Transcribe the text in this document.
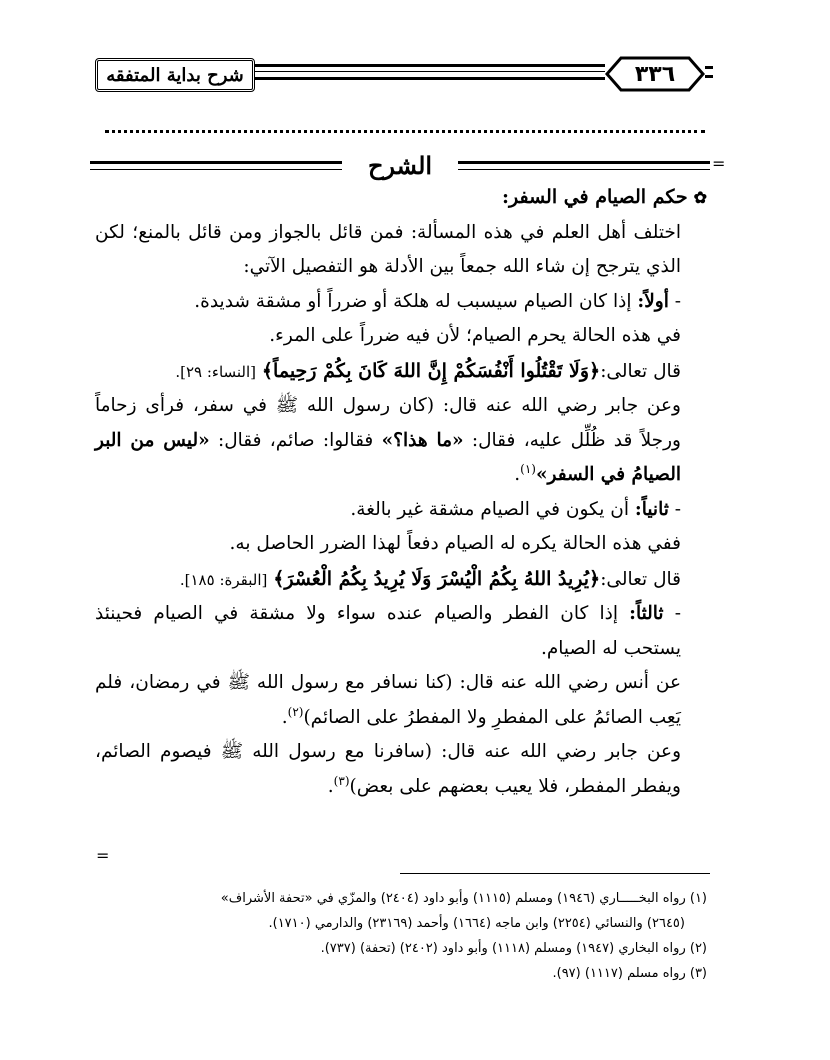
شرح بداية المتفقه	٣٣٦
الشرح	=

✿حكم الصيام في السفر:

اختلف أهل العلم في هذه المسألة: فمن قائل بالجواز ومن قائل بالمنع؛ لكن الذي يترجح إن شاء الله جمعاً بين الأدلة هو التفصيل الآتي:

- أولاً: إذا كان الصيام سيسبب له هلكة أو ضرراً أو مشقة شديدة.

في هذه الحالة يحرم الصيام؛ لأن فيه ضرراً على المرء.

قال تعالى:﴿وَلَا تَقْتُلُوا أَنْفُسَكُمْ إِنَّ اللهَ كَانَ بِكُمْ رَحِيماً﴾ [النساء: ٢٩].

وعن جابر رضي الله عنه قال: (كان رسول الله ﷺ في سفر، فرأى زحاماً ورجلاً قد ظُلِّل عليه، فقال: «ما هذا؟» فقالوا: صائم، فقال: «ليس من البر الصيامُ في السفر»$^{(١)}$.

- ثانياً: أن يكون في الصيام مشقة غير بالغة.

ففي هذه الحالة يكره له الصيام دفعاً لهذا الضرر الحاصل به.

قال تعالى:﴿يُرِيدُ اللهُ بِكُمُ الْيُسْرَ وَلَا يُرِيدُ بِكُمُ الْعُسْرَ﴾ [البقرة: ١٨٥].

- ثالثاً: إذا كان الفطر والصيام عنده سواء ولا مشقة في الصيام فحينئذ يستحب له الصيام.

عن أنس رضي الله عنه قال: (كنا نسافر مع رسول الله ﷺ في رمضان، فلم يَعِب الصائمُ على المفطرِ ولا المفطرُ على الصائم)$^{(٢)}$.

وعن جابر رضي الله عنه قال: (سافرنا مع رسول الله ﷺ فيصوم الصائم، ويفطر المفطر، فلا يعيب بعضهم على بعض)$^{(٣)}$.

=

(١) رواه البخـــــاري (١٩٤٦) ومسلم (١١١٥) وأبو داود (٢٤٠٤) والمزّي في «تحفة الأشراف»

(٢٦٤٥) والنسائي (٢٢٥٤) وابن ماجه (١٦٦٤) وأحمد (٢٣١٦٩) والدارمي (١٧١٠).

(٢) رواه البخاري (١٩٤٧) ومسلم (١١١٨) وأبو داود (٢٤٠٢) (تحفة) (٧٣٧).

(٣) رواه مسلم (١١١٧) (٩٧).
